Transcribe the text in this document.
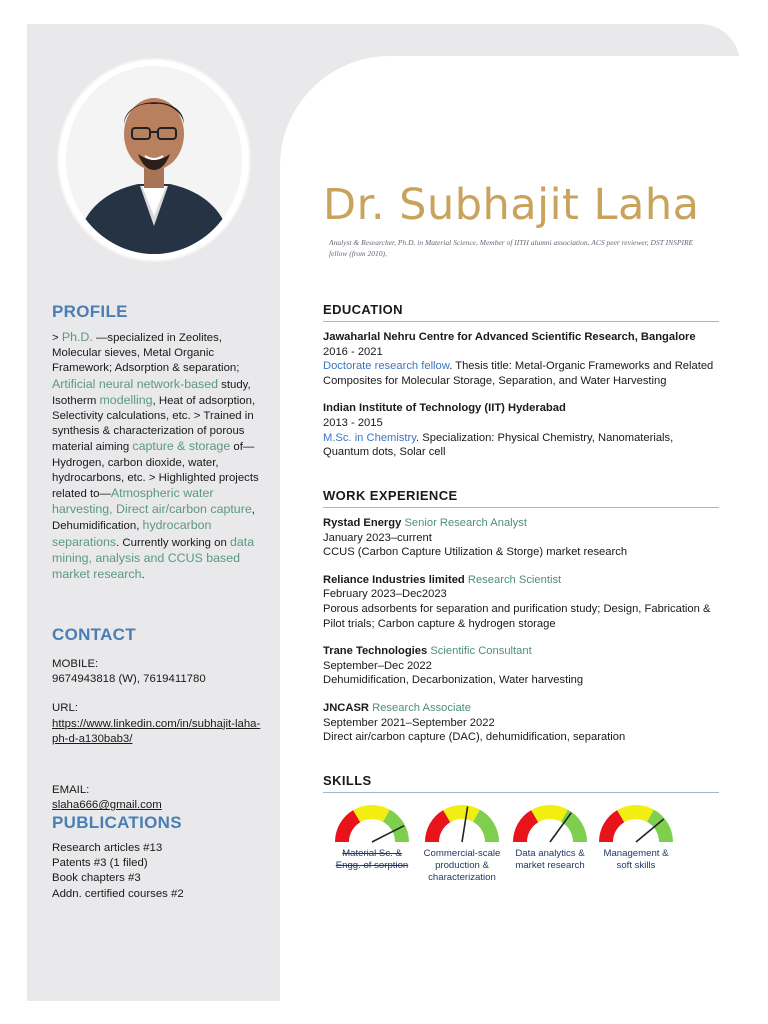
Dr. Subhajit Laha
Analyst & Researcher, Ph.D. in Material Science, Member of IITH alumni association, ACS peer reviewer, DST INSPIRE fellow (from 2010),
PROFILE
> Ph.D. —specialized in Zeolites, Molecular sieves, Metal Organic Framework; Adsorption & separation; Artificial neural network-based study, Isotherm modelling, Heat of adsorption, Selectivity calculations, etc. > Trained in synthesis & characterization of porous material aiming capture & storage of—Hydrogen, carbon dioxide, water, hydrocarbons, etc. > Highlighted projects related to—Atmospheric water harvesting, Direct air/carbon capture, Dehumidification, hydrocarbon separations. Currently working on data mining, analysis and CCUS based market research.
CONTACT
MOBILE:
9674943818 (W), 7619411780
URL:
https://www.linkedin.com/in/subhajit-laha-ph-d-a130bab3/
EMAIL:
slaha666@gmail.com
PUBLICATIONS
Research articles #13
Patents #3 (1 filed)
Book chapters #3
Addn. certified courses #2
EDUCATION
Jawaharlal Nehru Centre for Advanced Scientific Research, Bangalore
2016 - 2021
Doctorate research fellow. Thesis title: Metal-Organic Frameworks and Related Composites for Molecular Storage, Separation, and Water Harvesting
Indian Institute of Technology (IIT) Hyderabad
2013 - 2015
M.Sc. in Chemistry. Specialization: Physical Chemistry, Nanomaterials, Quantum dots, Solar cell
WORK EXPERIENCE
Rystad Energy Senior Research Analyst
January 2023–current
CCUS (Carbon Capture Utilization & Storge) market research
Reliance Industries limited Research Scientist
February 2023–Dec2023
Porous adsorbents for separation and purification study; Design, Fabrication & Pilot trials; Carbon capture & hydrogen storage
Trane Technologies Scientific Consultant
September–Dec 2022
Dehumidification, Decarbonization, Water harvesting
JNCASR Research Associate
September 2021–September 2022
Direct air/carbon capture (DAC), dehumidification, separation
SKILLS
Material Sc. & Engg. of sorption
Commercial-scale production & characterization
Data analytics & market research
Management & soft skills
